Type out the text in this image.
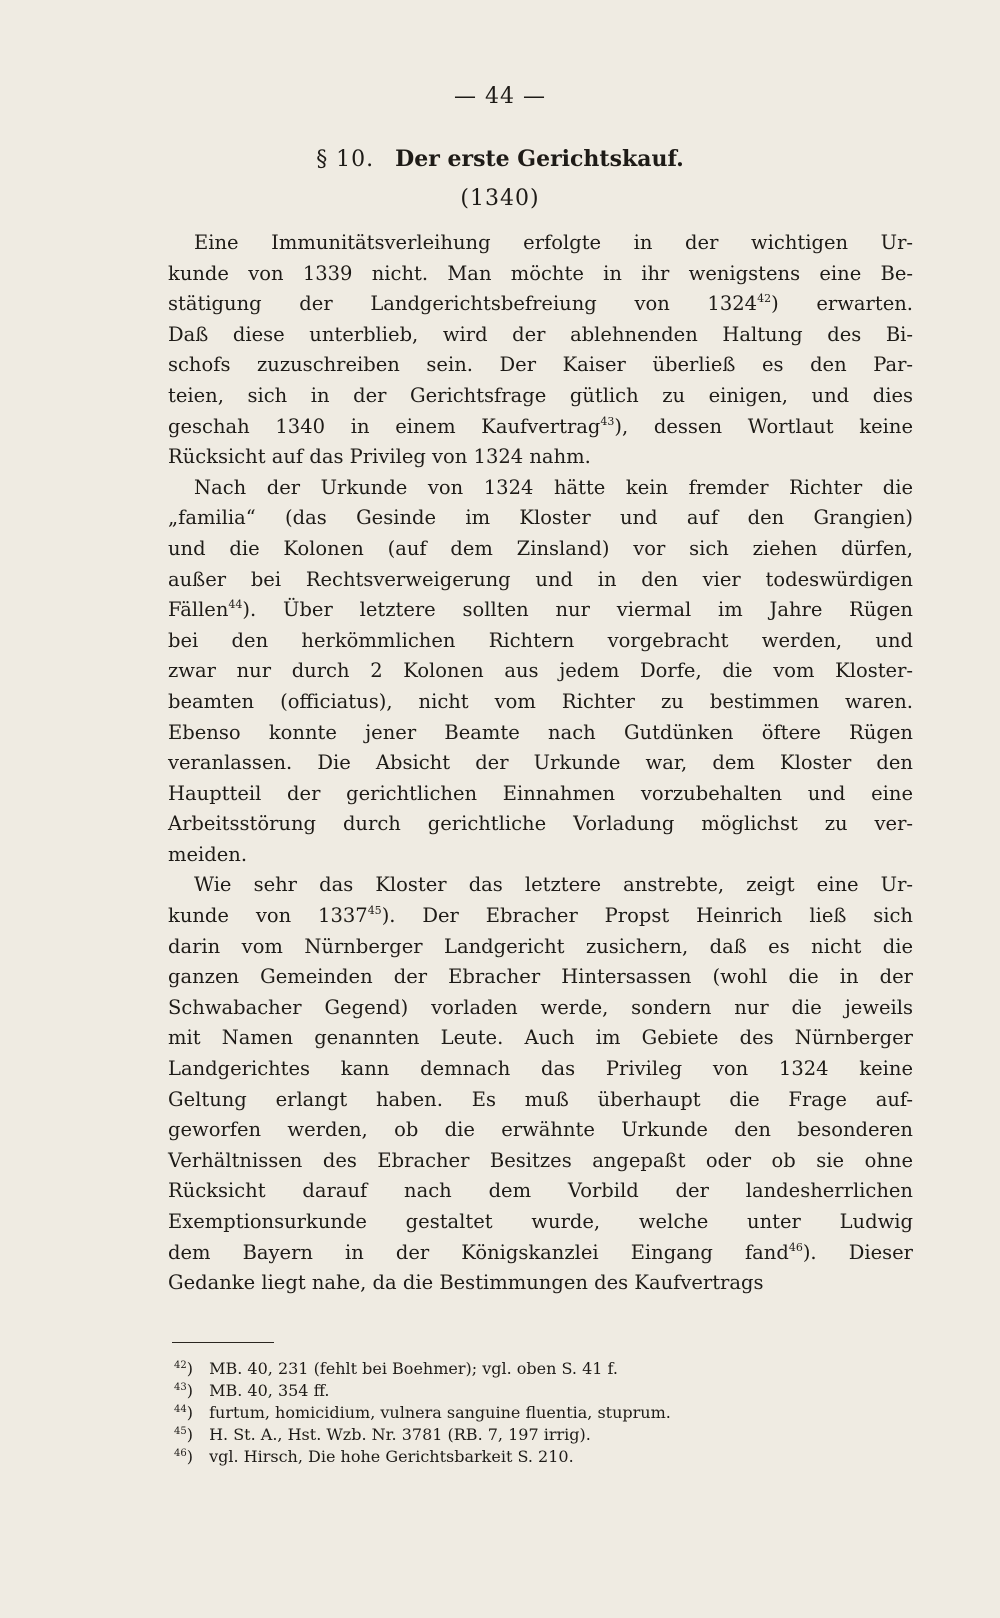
— 44 —
§ 10. Der erste Gerichtskauf.
(1340)
Eine Immunitätsverleihung erfolgte in der wichtigen Ur-
kunde von 1339 nicht. Man möchte in ihr wenigstens eine Be-
stätigung der Landgerichtsbefreiung von 1324$^{42}$) erwarten.
Daß diese unterblieb, wird der ablehnenden Haltung des Bi-
schofs zuzuschreiben sein. Der Kaiser überließ es den Par-
teien, sich in der Gerichtsfrage gütlich zu einigen, und dies
geschah 1340 in einem Kaufvertrag$^{43}$), dessen Wortlaut keine
Rücksicht auf das Privileg von 1324 nahm.
Nach der Urkunde von 1324 hätte kein fremder Richter die
„familia“ (das Gesinde im Kloster und auf den Grangien)
und die Kolonen (auf dem Zinsland) vor sich ziehen dürfen,
außer bei Rechtsverweigerung und in den vier todeswürdigen
Fällen$^{44}$). Über letztere sollten nur viermal im Jahre Rügen
bei den herkömmlichen Richtern vorgebracht werden, und
zwar nur durch 2 Kolonen aus jedem Dorfe, die vom Kloster-
beamten (officiatus), nicht vom Richter zu bestimmen waren.
Ebenso konnte jener Beamte nach Gutdünken öftere Rügen
veranlassen. Die Absicht der Urkunde war, dem Kloster den
Hauptteil der gerichtlichen Einnahmen vorzubehalten und eine
Arbeitsstörung durch gerichtliche Vorladung möglichst zu ver-
meiden.
Wie sehr das Kloster das letztere anstrebte, zeigt eine Ur-
kunde von 1337$^{45}$). Der Ebracher Propst Heinrich ließ sich
darin vom Nürnberger Landgericht zusichern, daß es nicht die
ganzen Gemeinden der Ebracher Hintersassen (wohl die in der
Schwabacher Gegend) vorladen werde, sondern nur die jeweils
mit Namen genannten Leute. Auch im Gebiete des Nürnberger
Landgerichtes kann demnach das Privileg von 1324 keine
Geltung erlangt haben. Es muß überhaupt die Frage auf-
geworfen werden, ob die erwähnte Urkunde den besonderen
Verhältnissen des Ebracher Besitzes angepaßt oder ob sie ohne
Rücksicht darauf nach dem Vorbild der landesherrlichen
Exemptionsurkunde gestaltet wurde, welche unter Ludwig
dem Bayern in der Königskanzlei Eingang fand$^{46}$). Dieser
Gedanke liegt nahe, da die Bestimmungen des Kaufvertrags
$^{42}$) MB. 40, 231 (fehlt bei Boehmer); vgl. oben S. 41 f.
$^{43}$) MB. 40, 354 ff.
$^{44}$) furtum, homicidium, vulnera sanguine fluentia, stuprum.
$^{45}$) H. St. A., Hst. Wzb. Nr. 3781 (RB. 7, 197 irrig).
$^{46}$) vgl. Hirsch, Die hohe Gerichtsbarkeit S. 210.
